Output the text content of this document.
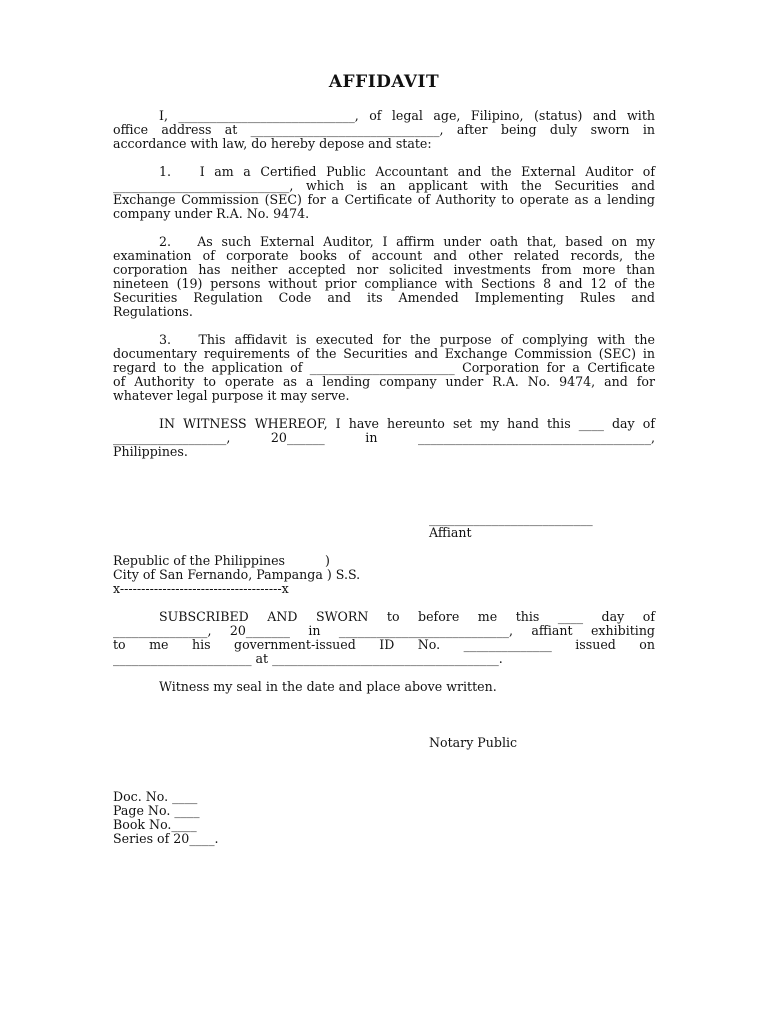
AFFIDAVIT
I, ____________________________, of legal age, Filipino, (status) and with
office address at ______________________________, after being duly sworn in
accordance with law, do hereby depose and state:
1.   I am a Certified Public Accountant and the External Auditor of
____________________________, which is an applicant with the Securities and
Exchange Commission (SEC) for a Certificate of Authority to operate as a lending
company under R.A. No. 9474.
2.   As such External Auditor, I affirm under oath that, based on my
examination of corporate books of account and other related records, the
corporation has neither accepted nor solicited investments from more than
nineteen (19) persons without prior compliance with Sections 8 and 12 of the
Securities Regulation Code and its Amended Implementing Rules and
Regulations.
3.   This affidavit is executed for the purpose of complying with the
documentary requirements of the Securities and Exchange Commission (SEC) in
regard to the application of _______________________ Corporation for a Certificate
of Authority to operate as a lending company under R.A. No. 9474, and for
whatever legal purpose it may serve.
IN WITNESS WHEREOF, I have hereunto set my hand this ____ day of
__________________, 20______ in _____________________________________,
Philippines.
__________________________
Affiant
Republic of the Philippines          )
City of San Fernando, Pampanga ) S.S.
x--------------------------------------x
SUBSCRIBED AND SWORN to before me this ____ day of
_______________, 20_______ in ___________________________, affiant exhibiting
to me his government-issued ID No. ______________ issued on
______________________ at ____________________________________.
Witness my seal in the date and place above written.
Notary Public
Doc. No. ____
Page No. ____
Book No.____
Series of 20____.
